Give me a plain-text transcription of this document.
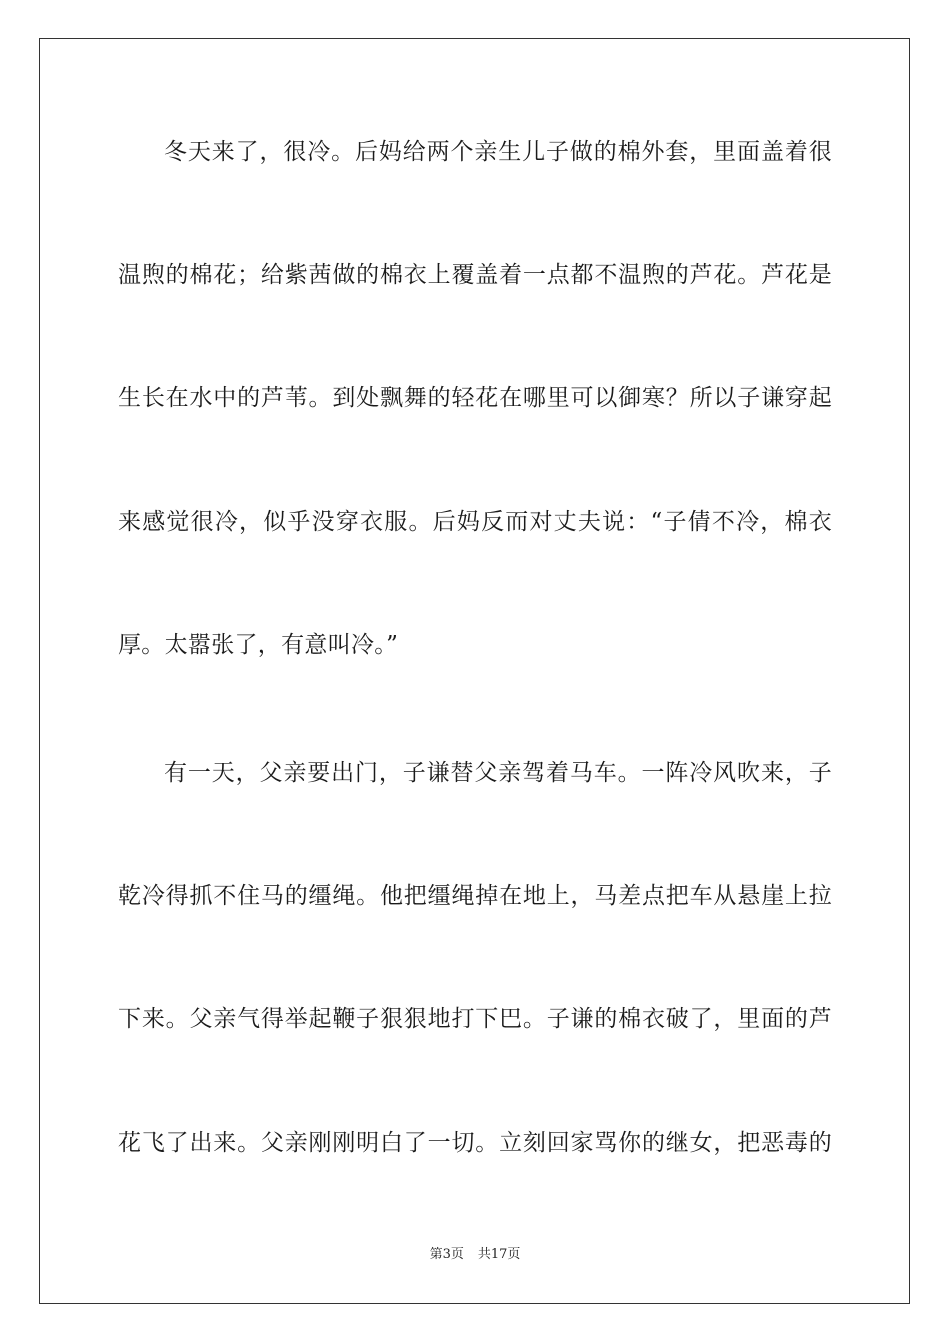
冬天来了，很冷。后妈给两个亲生儿子做的棉外套，里面盖着很
温煦的棉花；给紫茜做的棉衣上覆盖着一点都不温煦的芦花。芦花是
生长在水中的芦苇。到处飘舞的轻花在哪里可以御寒？所以子谦穿起
来感觉很冷，似乎没穿衣服。后妈反而对丈夫说：“子倩不冷，棉衣
厚。太嚣张了，有意叫冷。”
有一天，父亲要出门，子谦替父亲驾着马车。一阵冷风吹来，子
乾冷得抓不住马的缰绳。他把缰绳掉在地上，马差点把车从悬崖上拉
下来。父亲气得举起鞭子狠狠地打下巴。子谦的棉衣破了，里面的芦
花飞了出来。父亲刚刚明白了一切。立刻回家骂你的继女，把恶毒的
第3页 共17页
